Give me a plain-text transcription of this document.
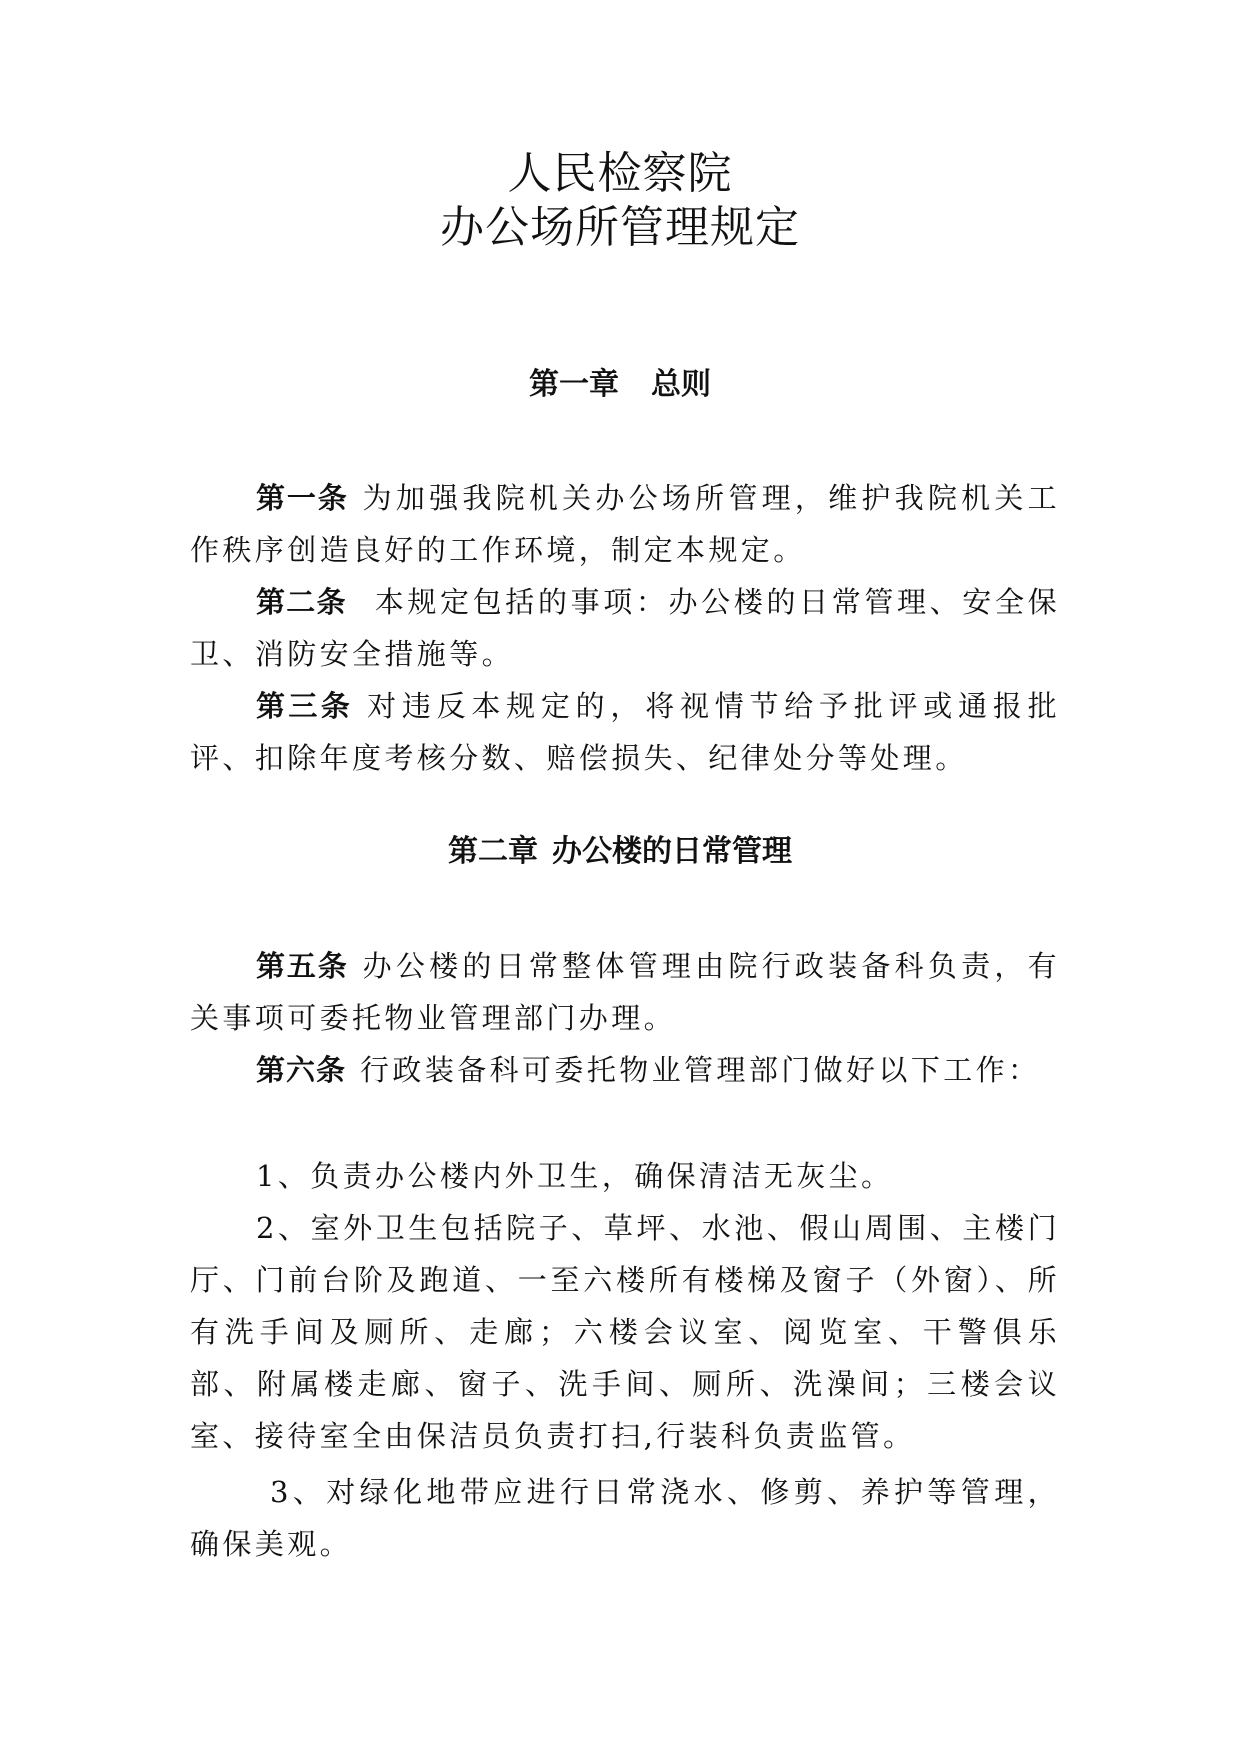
人民检察院
办公场所管理规定
第一章 总则
第一条 为加强我院机关办公场所管理，维护我院机关工作秩序创造良好的工作环境，制定本规定。
第二条 本规定包括的事项：办公楼的日常管理、安全保卫、消防安全措施等。
第三条 对违反本规定的，将视情节给予批评或通报批评、扣除年度考核分数、赔偿损失、纪律处分等处理。
第二章 办公楼的日常管理
第五条 办公楼的日常整体管理由院行政装备科负责，有关事项可委托物业管理部门办理。
第六条 行政装备科可委托物业管理部门做好以下工作：
1、负责办公楼内外卫生，确保清洁无灰尘。
2、室外卫生包括院子、草坪、水池、假山周围、主楼门厅、门前台阶及跑道、一至六楼所有楼梯及窗子（外窗）、所有洗手间及厕所、走廊；六楼会议室、阅览室、干警俱乐部、附属楼走廊、窗子、洗手间、厕所、洗澡间；三楼会议室、接待室全由保洁员负责打扫,行装科负责监管。
3、对绿化地带应进行日常浇水、修剪、养护等管理，确保美观。
